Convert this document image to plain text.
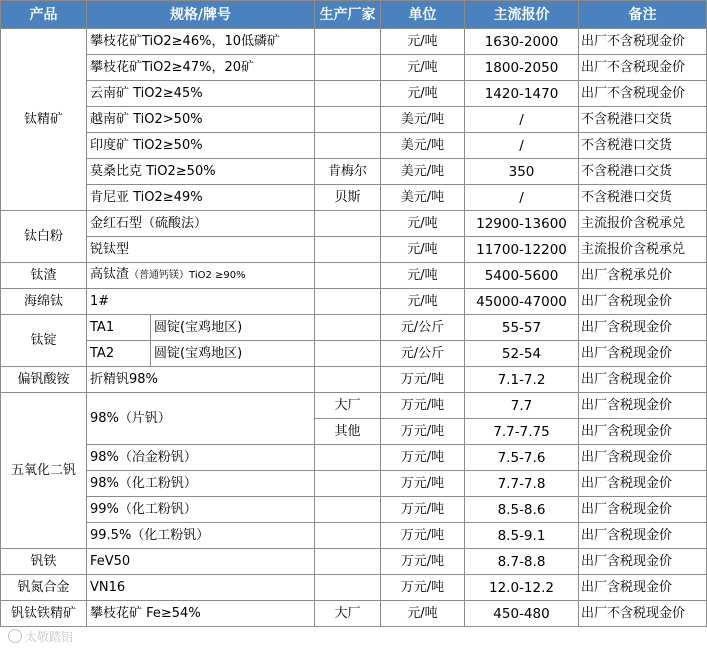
产品	规格/牌号		生产厂家	单位	主流报价	备注
钛精矿	攀枝花矿TiO2≥46%，10低磷矿			元/吨	1630-2000	出厂不含税现金价
	攀枝花矿TiO2≥47%，20矿			元/吨	1800-2050	出厂不含税现金价
	云南矿 TiO2≥45%			元/吨	1420-1470	出厂不含税现金价
	越南矿 TiO2>50%			美元/吨	/	不含税港口交货
	印度矿 TiO2≥50%			美元/吨	/	不含税港口交货
	莫桑比克 TiO2≥50%		肯梅尔	美元/吨	350	不含税港口交货
	肯尼亚 TiO2≥49%		贝斯	美元/吨	/	不含税港口交货
钛白粉	金红石型（硫酸法）			元/吨	12900-13600	主流报价含税承兑
	锐钛型			元/吨	11700-12200	主流报价含税承兑
钛渣	高钛渣（普通钙镁）TiO2 ≥90%			元/吨	5400-5600	出厂含税承兑价
海绵钛	1#			元/吨	45000-47000	出厂含税现金价
钛锭	TA1	圆锭(宝鸡地区)		元/公斤	55-57	出厂含税现金价
	TA2	圆锭(宝鸡地区)		元/公斤	52-54	出厂含税现金价
偏钒酸铵	折精钒98%			万元/吨	7.1-7.2	出厂含税现金价
五氧化二钒	98%（片钒）		大厂	万元/吨	7.7	出厂含税现金价
			其他	万元/吨	7.7-7.75	出厂含税现金价
	98%（冶金粉钒）			万元/吨	7.5-7.6	出厂含税现金价
	98%（化工粉钒）			万元/吨	7.7-7.8	出厂含税现金价
	99%（化工粉钒）			万元/吨	8.5-8.6	出厂含税现金价
	99.5%（化工粉钒）			万元/吨	8.5-9.1	出厂含税现金价
钒铁	FeV50			万元/吨	8.7-8.8	出厂含税现金价
钒氮合金	VN16			万元/吨	12.0-12.2	出厂含税现金价
钒钛铁精矿	攀枝花矿 Fe≥54%		大厂	元/吨	450-480	出厂不含税现金价
太敬踏铝
